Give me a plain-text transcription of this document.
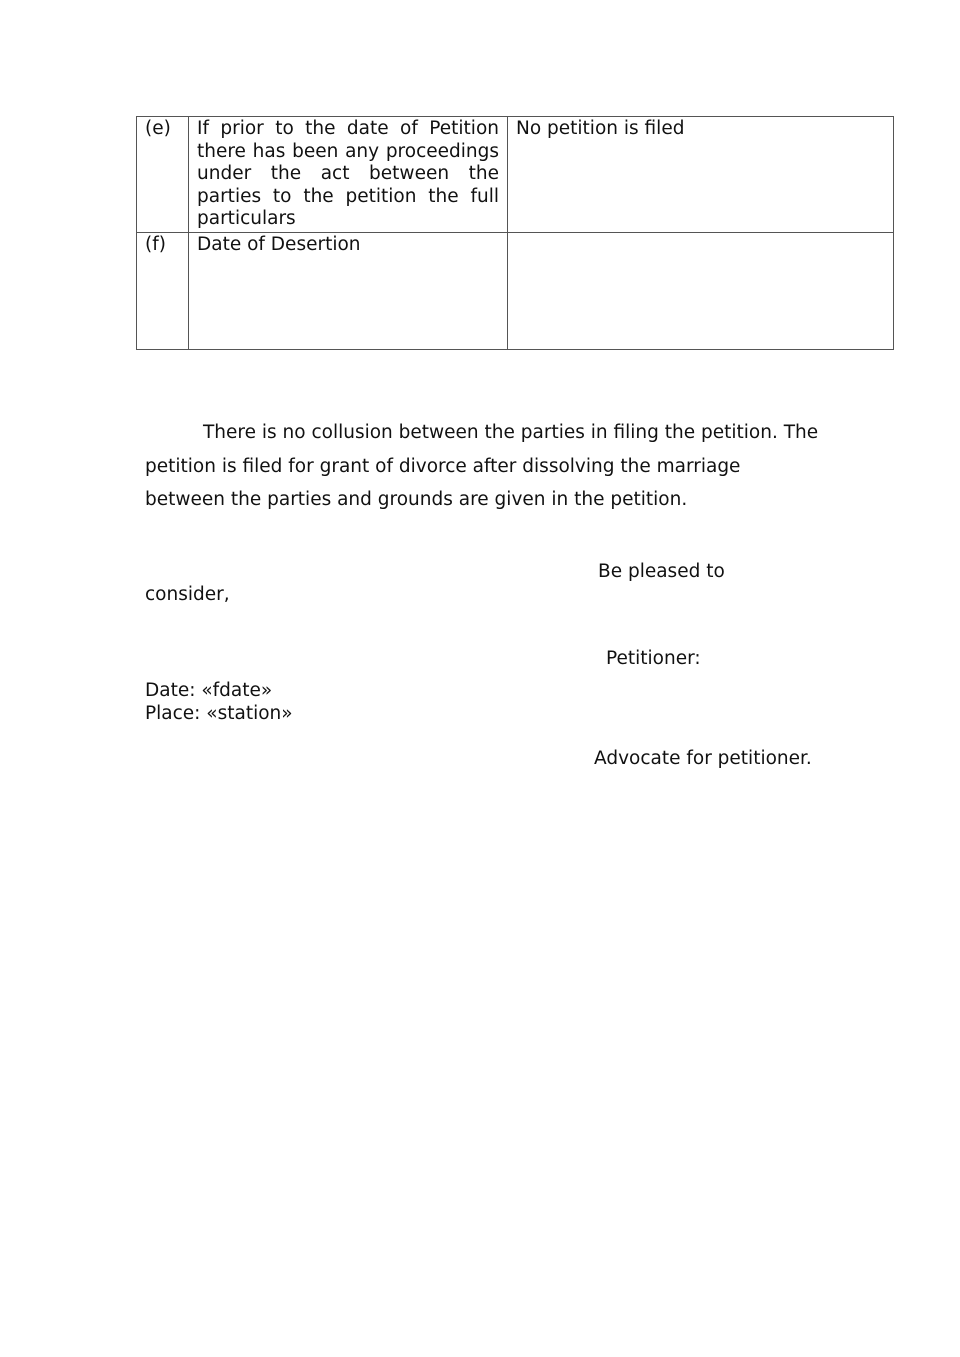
(e)	If prior to the date of Petition there has been any proceedings under the act between the parties to the petition the full particulars	No petition is filed
(f)	Date of Desertion	

There is no collusion between the parties in filing the petition. The petition is filed for grant of divorce after dissolving the marriage between the parties and grounds are given in the petition.

Be pleased to
consider,
Petitioner:
Date: «fdate»
Place: «station»
Advocate for petitioner.
